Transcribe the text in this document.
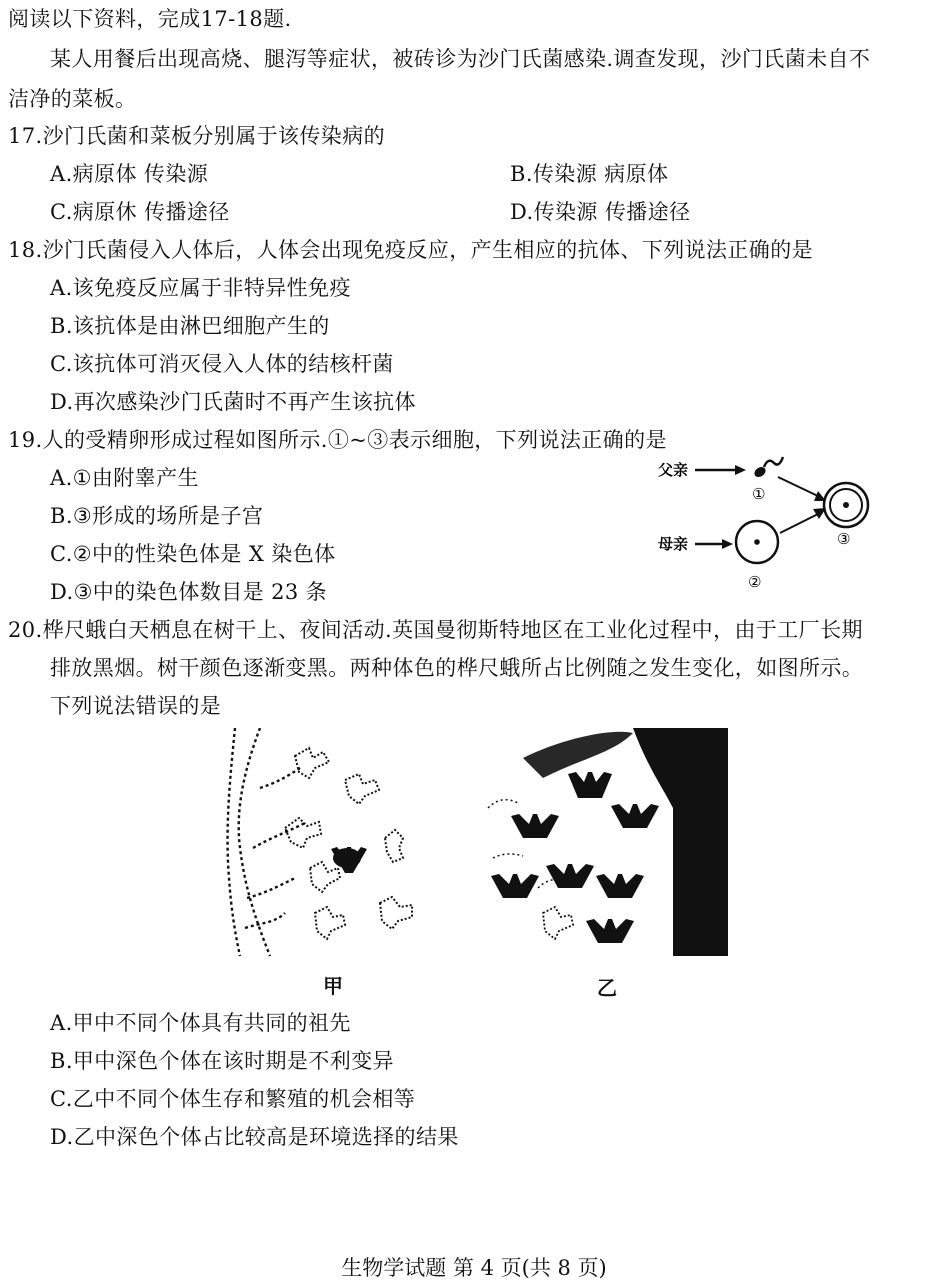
阅读以下资料，完成17-18题.
某人用餐后出现高烧、腿泻等症状，被砖诊为沙门氏菌感染.调查发现，沙门氏菌未自不
洁净的菜板。
17.沙门氏菌和菜板分别属于该传染病的
A.病原体 传染源	B.传染源 病原体
C.病原休 传播途径	D.传染源 传播途径
18.沙门氏菌侵入人体后，人体会出现免疫反应，产生相应的抗体、下列说法正确的是
A.该免疫反应属于非特异性免疫
B.该抗体是由淋巴细胞产生的
C.该抗体可消灭侵入人体的结核杆菌
D.再次感染沙门氏菌时不再产生该抗体
19.人的受精卵形成过程如图所示.①~③表示细胞，下列说法正确的是
A.①由附睾产生
B.③形成的场所是子宫
C.②中的性染色体是 X 染色体
D.③中的染色体数目是 23 条
父亲
①
母亲
②
③
20.桦尺蛾白天栖息在树干上、夜间活动.英国曼彻斯特地区在工业化过程中，由于工厂长期
排放黑烟。树干颜色逐渐变黑。两种体色的桦尺蛾所占比例随之发生变化，如图所示。
下列说法错误的是
甲	乙
A.甲中不同个体具有共同的祖先
B.甲中深色个体在该时期是不利变异
C.乙中不同个体生存和繁殖的机会相等
D.乙中深色个体占比较高是环境选择的结果
生物学试题 第 4 页(共 8 页)
